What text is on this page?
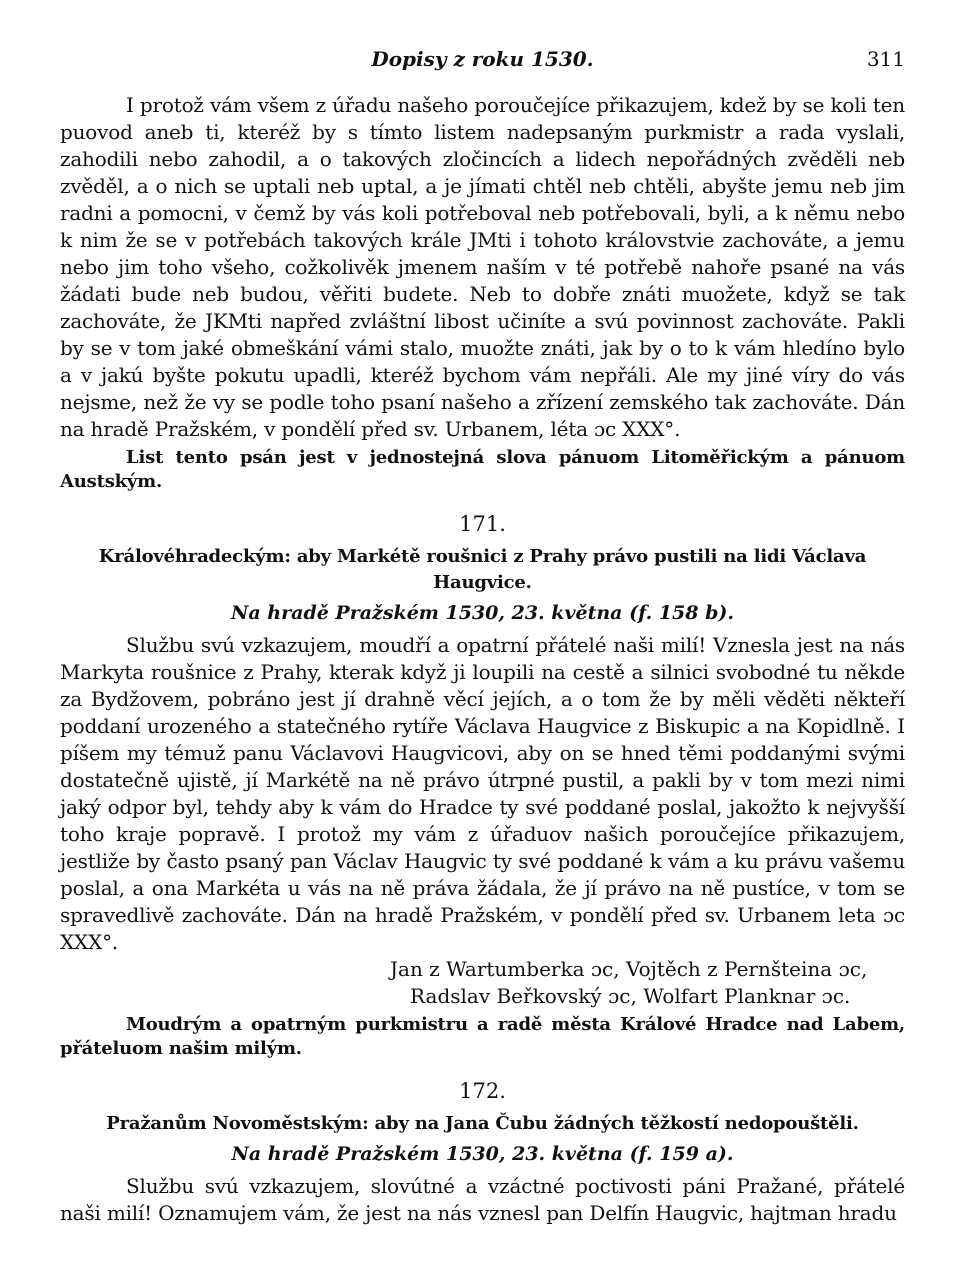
Dopisy z roku 1530.	311

I protož vám všem z úřadu našeho poroučejíce přikazujem, kdež by se koli ten puovod aneb ti, kteréž by s tímto listem nadepsaným purkmistr a rada vyslali, zahodili nebo zahodil, a o takových zločincích a lidech nepořádných zvěděli neb zvěděl, a o nich se uptali neb uptal, a je jímati chtěl neb chtěli, abyšte jemu neb jim radni a pomocni, v čemž by vás koli potřeboval neb potřebovali, byli, a k němu nebo k nim že se v potřebách takových krále JMti i tohoto královstvie zachováte, a jemu nebo jim toho všeho, cožkolivěk jmenem naším v té potřebě nahoře psané na vás žádati bude neb budou, věřiti budete. Neb to dobře znáti muožete, když se tak zachováte, že JKMti napřed zvláštní libost učiníte a svú povinnost zachováte. Pakli by se v tom jaké obmeškání vámi stalo, muožte znáti, jak by o to k vám hledíno bylo a v jakú byšte pokutu upadli, kteréž bychom vám nepřáli. Ale my jiné víry do vás nejsme, než že vy se podle toho psaní našeho a zřízení zemského tak zachováte. Dán na hradě Pražském, v pondělí před sv. Urbanem, léta ɔc XXX°.

List tento psán jest v jednostejná slova pánuom Litoměřickým a pánuom Austským.

171.

Královéhradeckým: aby Markétě roušnici z Prahy právo pustili na lidi Václava Haugvice.

Na hradě Pražském 1530, 23. května (f. 158 b).

Službu svú vzkazujem, moudří a opatrní přátelé naši milí! Vznesla jest na nás Markyta roušnice z Prahy, kterak když ji loupili na cestě a silnici svobodné tu někde za Bydžovem, pobráno jest jí drahně věcí jejích, a o tom že by měli věděti někteří poddaní urozeného a statečného rytíře Václava Haugvice z Biskupic a na Kopidlně. I píšem my témuž panu Václavovi Haugvicovi, aby on se hned těmi poddanými svými dostatečně ujistě, jí Markétě na ně právo útrpné pustil, a pakli by v tom mezi nimi jaký odpor byl, tehdy aby k vám do Hradce ty své poddané poslal, jakožto k nejvyšší toho kraje popravě. I protož my vám z úřaduov našich poroučejíce přikazujem, jestliže by často psaný pan Václav Haugvic ty své poddané k vám a ku právu vašemu poslal, a ona Markéta u vás na ně práva žádala, že jí právo na ně pustíce, v tom se spravedlivě zachováte. Dán na hradě Pražském, v pondělí před sv. Urbanem leta ɔc XXX°.

Jan z Wartumberka ɔc, Vojtěch z Pernšteina ɔc,
Radslav Beřkovský ɔc, Wolfart Planknar ɔc.

Moudrým a opatrným purkmistru a radě města Králové Hradce nad Labem, přáteluom našim milým.

172.

Pražanům Novoměstským: aby na Jana Čubu žádných těžkostí nedopouštěli.

Na hradě Pražském 1530, 23. května (f. 159 a).

Službu svú vzkazujem, slovútné a vzáctné poctivosti páni Pražané, přátelé naši milí! Oznamujem vám, že jest na nás vznesl pan Delfín Haugvic, hajtman hradu
